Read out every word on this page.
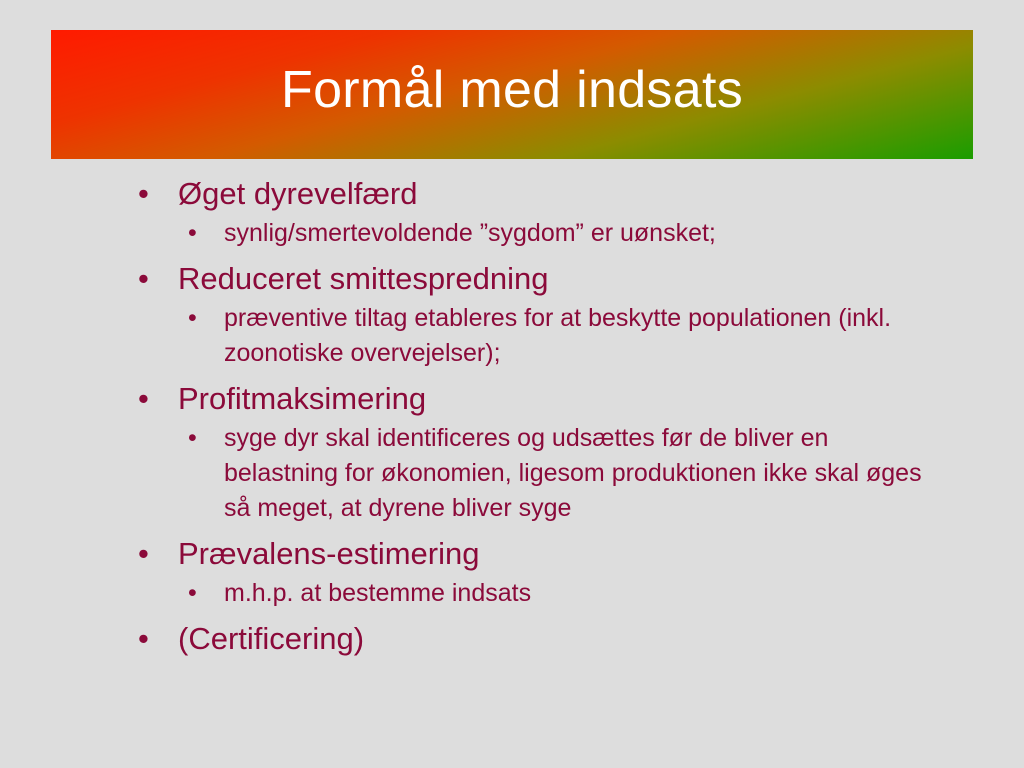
Formål med indsats
• Øget dyrevelfærd
• synlig/smertevoldende ”sygdom” er uønsket;
• Reduceret smittespredning
• præventive tiltag etableres for at beskytte populationen (inkl. zoonotiske overvejelser);
• Profitmaksimering
• syge dyr skal identificeres og udsættes før de bliver en belastning for økonomien, ligesom produktionen ikke skal øges så meget, at dyrene bliver syge
• Prævalens-estimering
• m.h.p. at bestemme indsats
• (Certificering)
